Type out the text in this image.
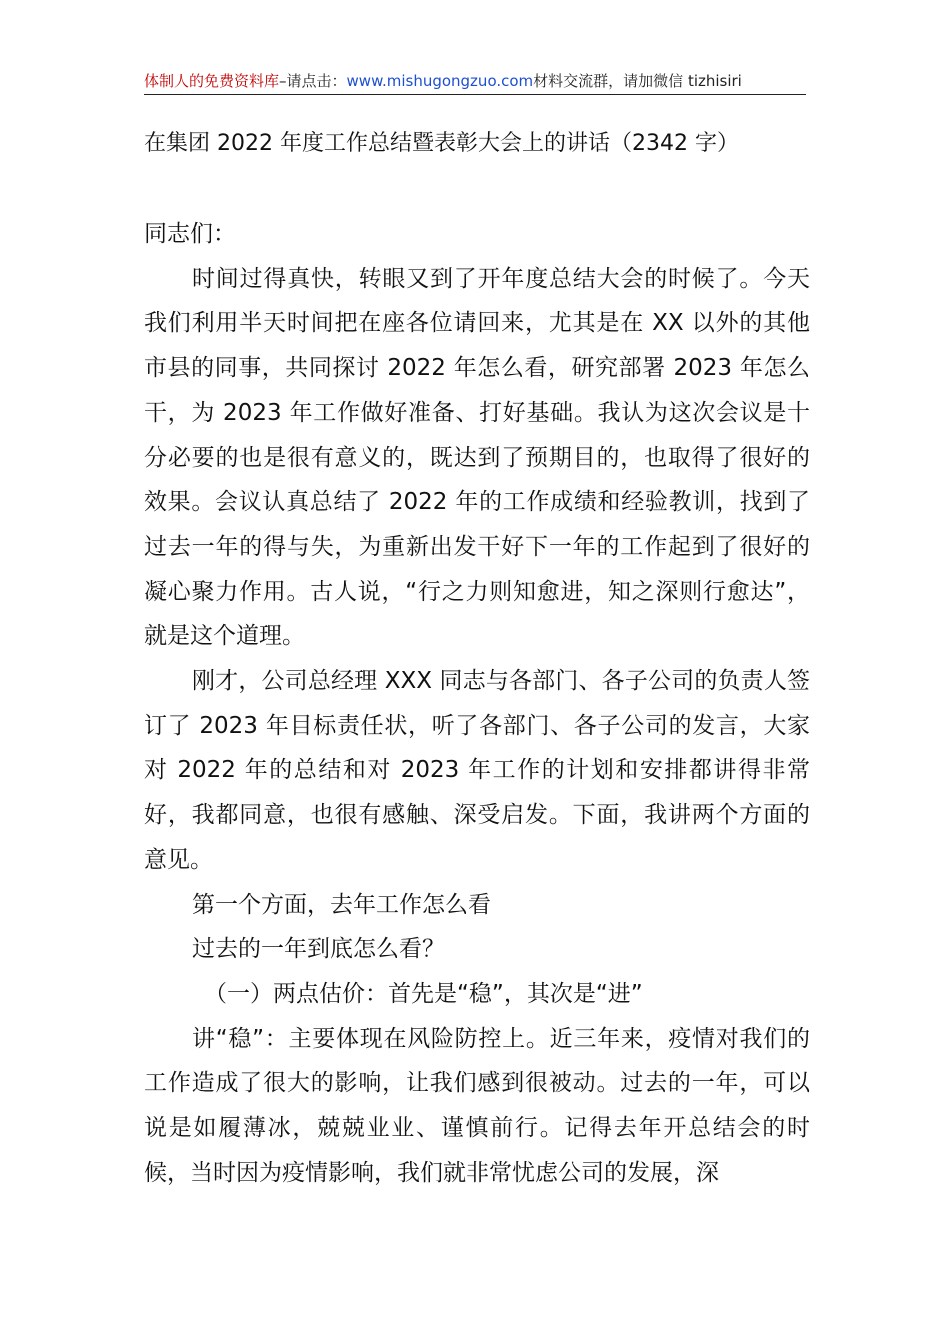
体制人的免费资料库–请点击：www.mishugongzuo.com材料交流群，请加微信 tizhisiri
在集团 2022 年度工作总结暨表彰大会上的讲话（2342 字）

同志们：

时间过得真快，转眼又到了开年度总结大会的时候了。今天我们利用半天时间把在座各位请回来，尤其是在 XX 以外的其他市县的同事，共同探讨 2022 年怎么看，研究部署 2023 年怎么干，为 2023 年工作做好准备、打好基础。我认为这次会议是十分必要的也是很有意义的，既达到了预期目的，也取得了很好的效果。会议认真总结了 2022 年的工作成绩和经验教训，找到了过去一年的得与失，为重新出发干好下一年的工作起到了很好的凝心聚力作用。古人说，“行之力则知愈进，知之深则行愈达”，就是这个道理。

刚才，公司总经理 XXX 同志与各部门、各子公司的负责人签订了 2023 年目标责任状，听了各部门、各子公司的发言，大家对 2022 年的总结和对 2023 年工作的计划和安排都讲得非常好，我都同意，也很有感触、深受启发。下面，我讲两个方面的意见。

第一个方面，去年工作怎么看

过去的一年到底怎么看？

（一）两点估价：首先是“稳”，其次是“进”

讲“稳”：主要体现在风险防控上。近三年来，疫情对我们的工作造成了很大的影响，让我们感到很被动。过去的一年，可以说是如履薄冰，兢兢业业、谨慎前行。记得去年开总结会的时候，当时因为疫情影响，我们就非常忧虑公司的发展，深
